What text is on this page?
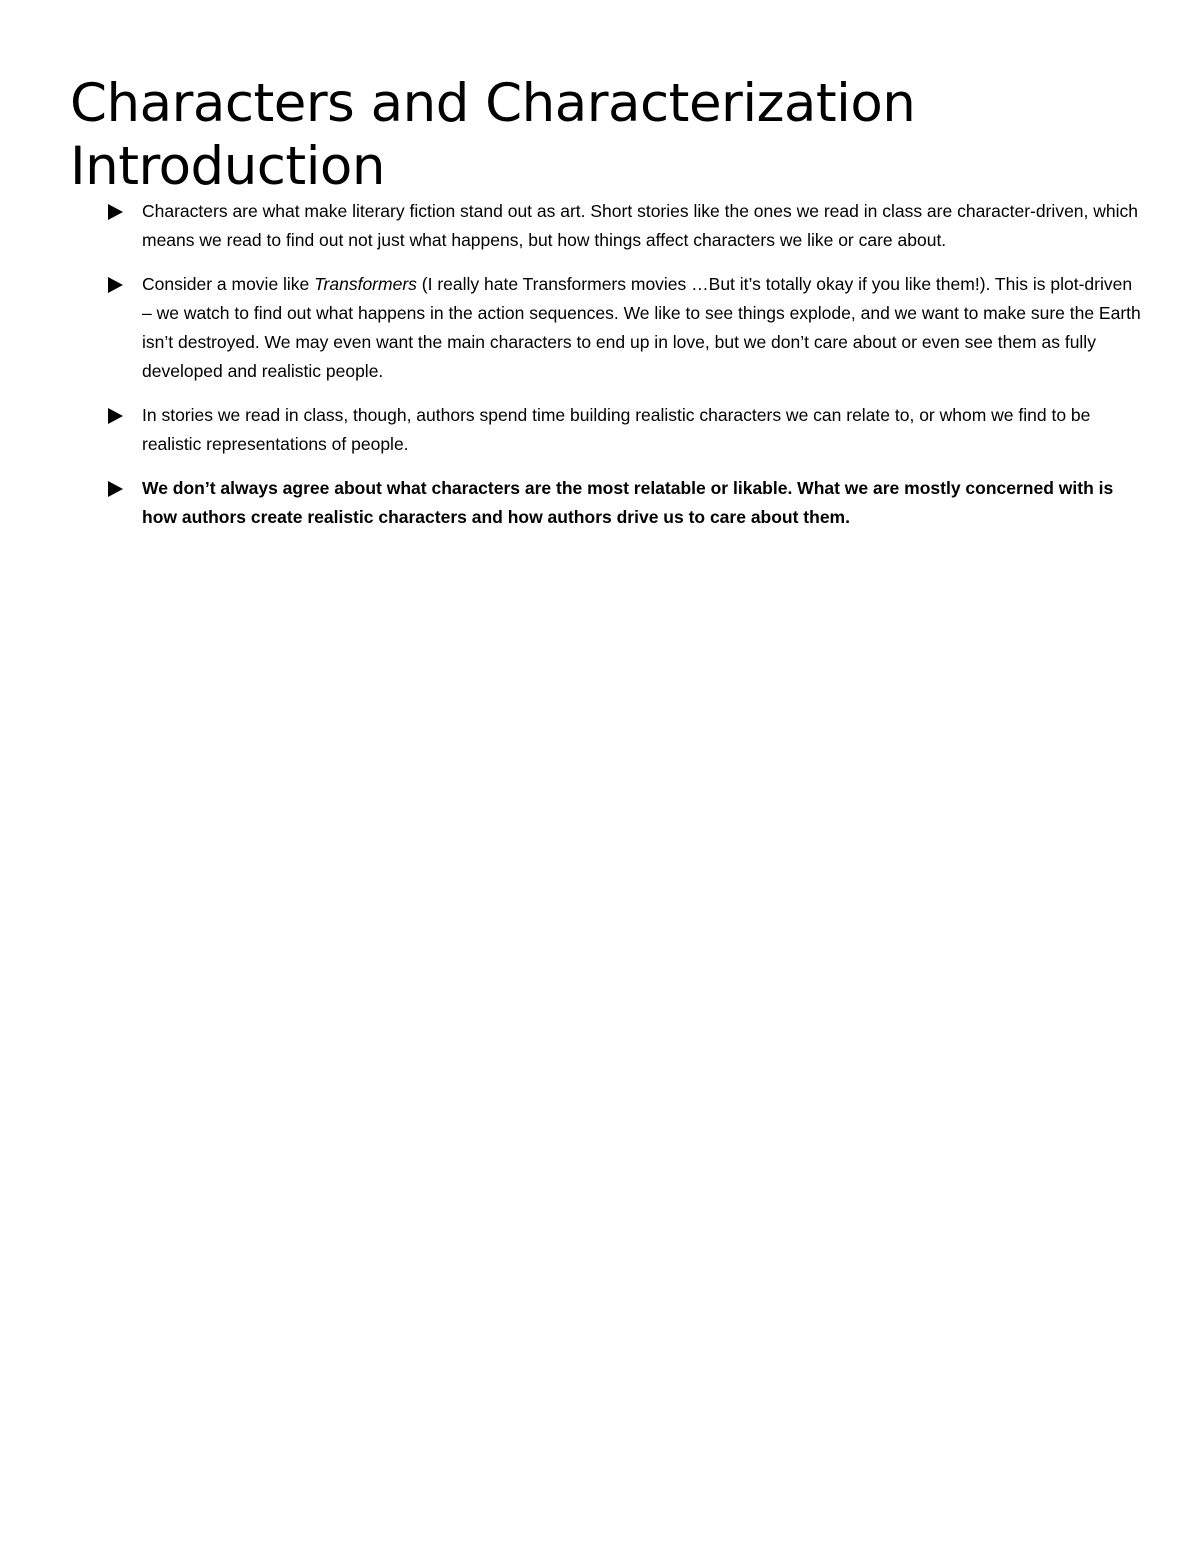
Characters and Characterization Introduction
Characters are what make literary fiction stand out as art. Short stories like the ones we read in class are character-driven, which means we read to find out not just what happens, but how things affect characters we like or care about.
Consider a movie like Transformers (I really hate Transformers movies …But it’s totally okay if you like them!). This is plot-driven – we watch to find out what happens in the action sequences. We like to see things explode, and we want to make sure the Earth isn’t destroyed. We may even want the main characters to end up in love, but we don’t care about or even see them as fully developed and realistic people.
In stories we read in class, though, authors spend time building realistic characters we can relate to, or whom we find to be realistic representations of people.
We don’t always agree about what characters are the most relatable or likable. What we are mostly concerned with is how authors create realistic characters and how authors drive us to care about them.
